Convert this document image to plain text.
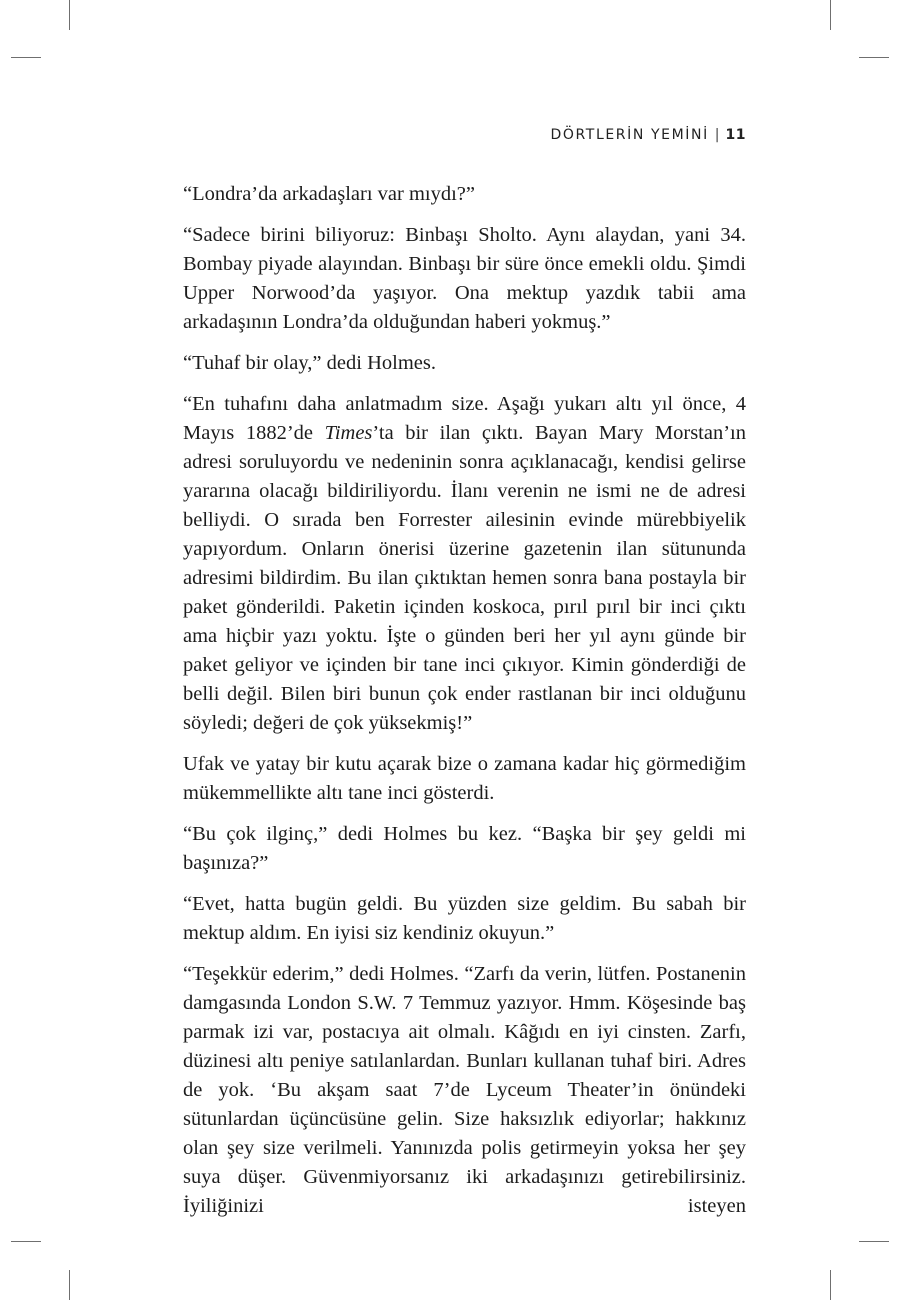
DÖRTLERİN YEMİNİ | 11

“Londra’da arkadaşları var mıydı?”

“Sadece birini biliyoruz: Binbaşı Sholto. Aynı alaydan, yani 34. Bombay piyade alayından. Binbaşı bir süre önce emekli oldu. Şimdi Upper Norwood’da yaşıyor. Ona mektup yazdık tabii ama arkadaşının Londra’da olduğundan haberi yokmuş.”

“Tuhaf bir olay,” dedi Holmes.

“En tuhafını daha anlatmadım size. Aşağı yukarı altı yıl önce, 4 Mayıs 1882’de Times’ta bir ilan çıktı. Bayan Mary Morstan’ın adresi soruluyordu ve nedeninin sonra açıklanacağı, kendisi gelirse yararına olacağı bildiriliyordu. İlanı verenin ne ismi ne de adresi belliydi. O sırada ben Forrester ailesinin evinde mürebbiyelik yapıyordum. Onların önerisi üzerine gazetenin ilan sütununda adresimi bildirdim. Bu ilan çıktıktan hemen sonra bana postayla bir paket gönderildi. Paketin içinden koskoca, pırıl pırıl bir inci çıktı ama hiçbir yazı yoktu. İşte o günden beri her yıl aynı günde bir paket geliyor ve içinden bir tane inci çıkıyor. Kimin gönderdiği de belli değil. Bilen biri bunun çok ender rastlanan bir inci olduğunu söyledi; değeri de çok yüksekmiş!”

Ufak ve yatay bir kutu açarak bize o zamana kadar hiç görmediğim mükemmellikte altı tane inci gösterdi.

“Bu çok ilginç,” dedi Holmes bu kez. “Başka bir şey geldi mi başınıza?”

“Evet, hatta bugün geldi. Bu yüzden size geldim. Bu sabah bir mektup aldım. En iyisi siz kendiniz okuyun.”

“Teşekkür ederim,” dedi Holmes. “Zarfı da verin, lütfen. Postanenin damgasında London S.W. 7 Temmuz yazıyor. Hmm. Köşesinde baş parmak izi var, postacıya ait olmalı. Kâğıdı en iyi cinsten. Zarfı, düzinesi altı peniye satılanlardan. Bunları kullanan tuhaf biri. Adres de yok. ‘Bu akşam saat 7’de Lyceum Theater’in önündeki sütunlardan üçüncüsüne gelin. Size haksızlık ediyorlar; hakkınız olan şey size verilmeli. Yanınızda polis getirmeyin yoksa her şey suya düşer. Güvenmiyorsanız iki arkadaşınızı getirebilirsiniz. İyiliğinizi isteyen
